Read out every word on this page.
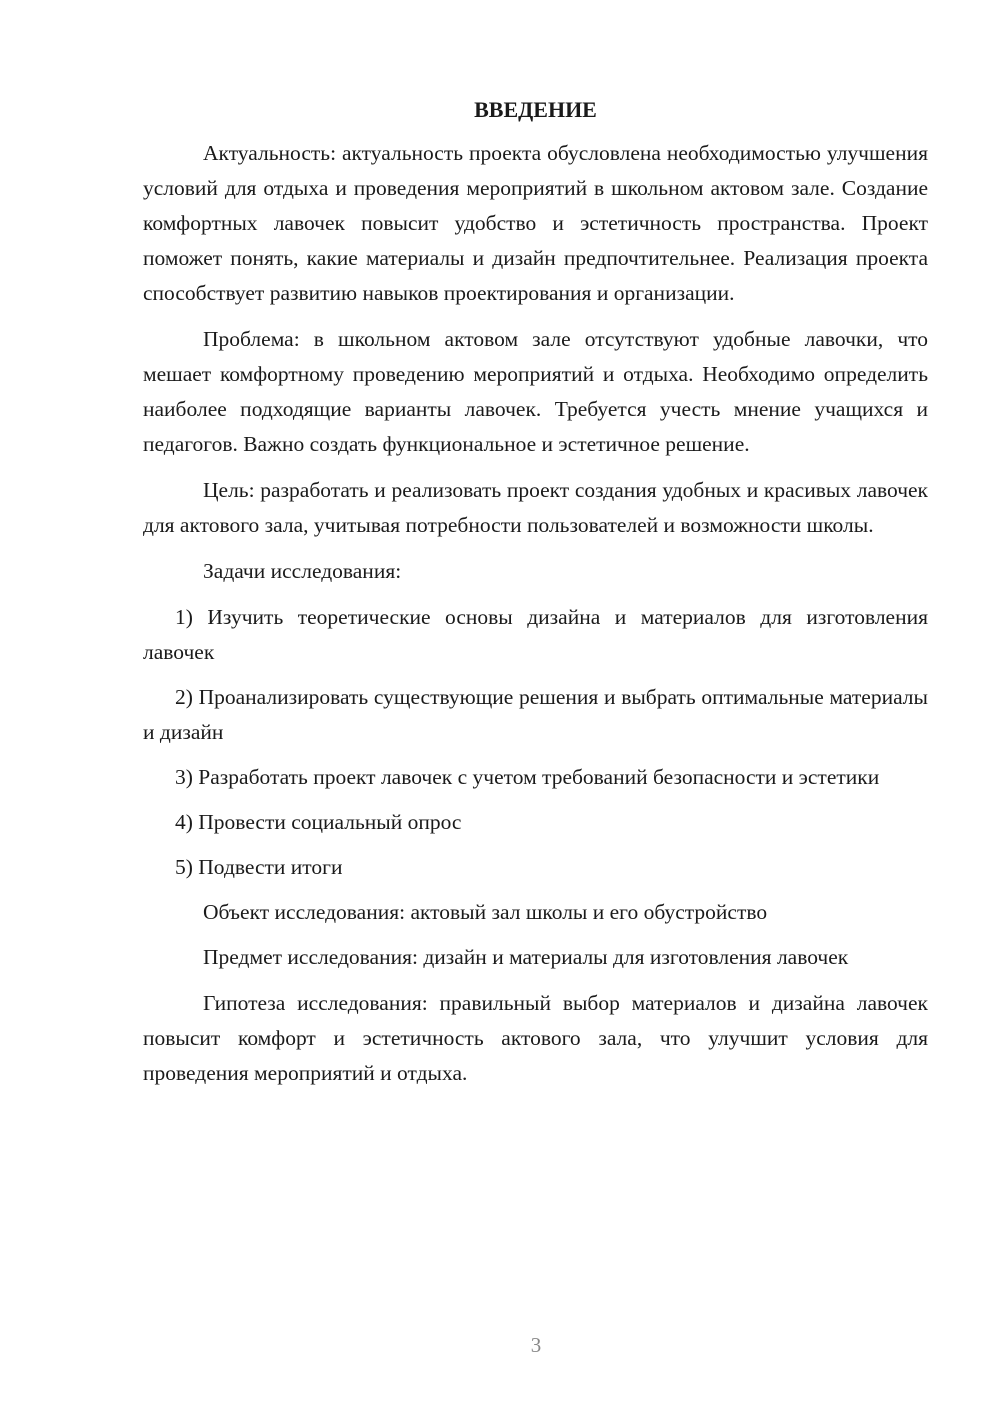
ВВЕДЕНИЕ

Актуальность: актуальность проекта обусловлена необходимостью улучшения условий для отдыха и проведения мероприятий в школьном актовом зале. Создание комфортных лавочек повысит удобство и эстетичность пространства. Проект поможет понять, какие материалы и дизайн предпочтительнее. Реализация проекта способствует развитию навыков проектирования и организации.

Проблема: в школьном актовом зале отсутствуют удобные лавочки, что мешает комфортному проведению мероприятий и отдыха. Необходимо определить наиболее подходящие варианты лавочек. Требуется учесть мнение учащихся и педагогов. Важно создать функциональное и эстетичное решение.

Цель: разработать и реализовать проект создания удобных и красивых лавочек для актового зала, учитывая потребности пользователей и возможности школы.

Задачи исследования:

1) Изучить теоретические основы дизайна и материалов для изготовления лавочек

2) Проанализировать существующие решения и выбрать оптимальные материалы и дизайн

3) Разработать проект лавочек с учетом требований безопасности и эстетики

4) Провести социальный опрос

5) Подвести итоги

Объект исследования: актовый зал школы и его обустройство

Предмет исследования: дизайн и материалы для изготовления лавочек

Гипотеза исследования: правильный выбор материалов и дизайна лавочек повысит комфорт и эстетичность актового зала, что улучшит условия для проведения мероприятий и отдыха.

3
